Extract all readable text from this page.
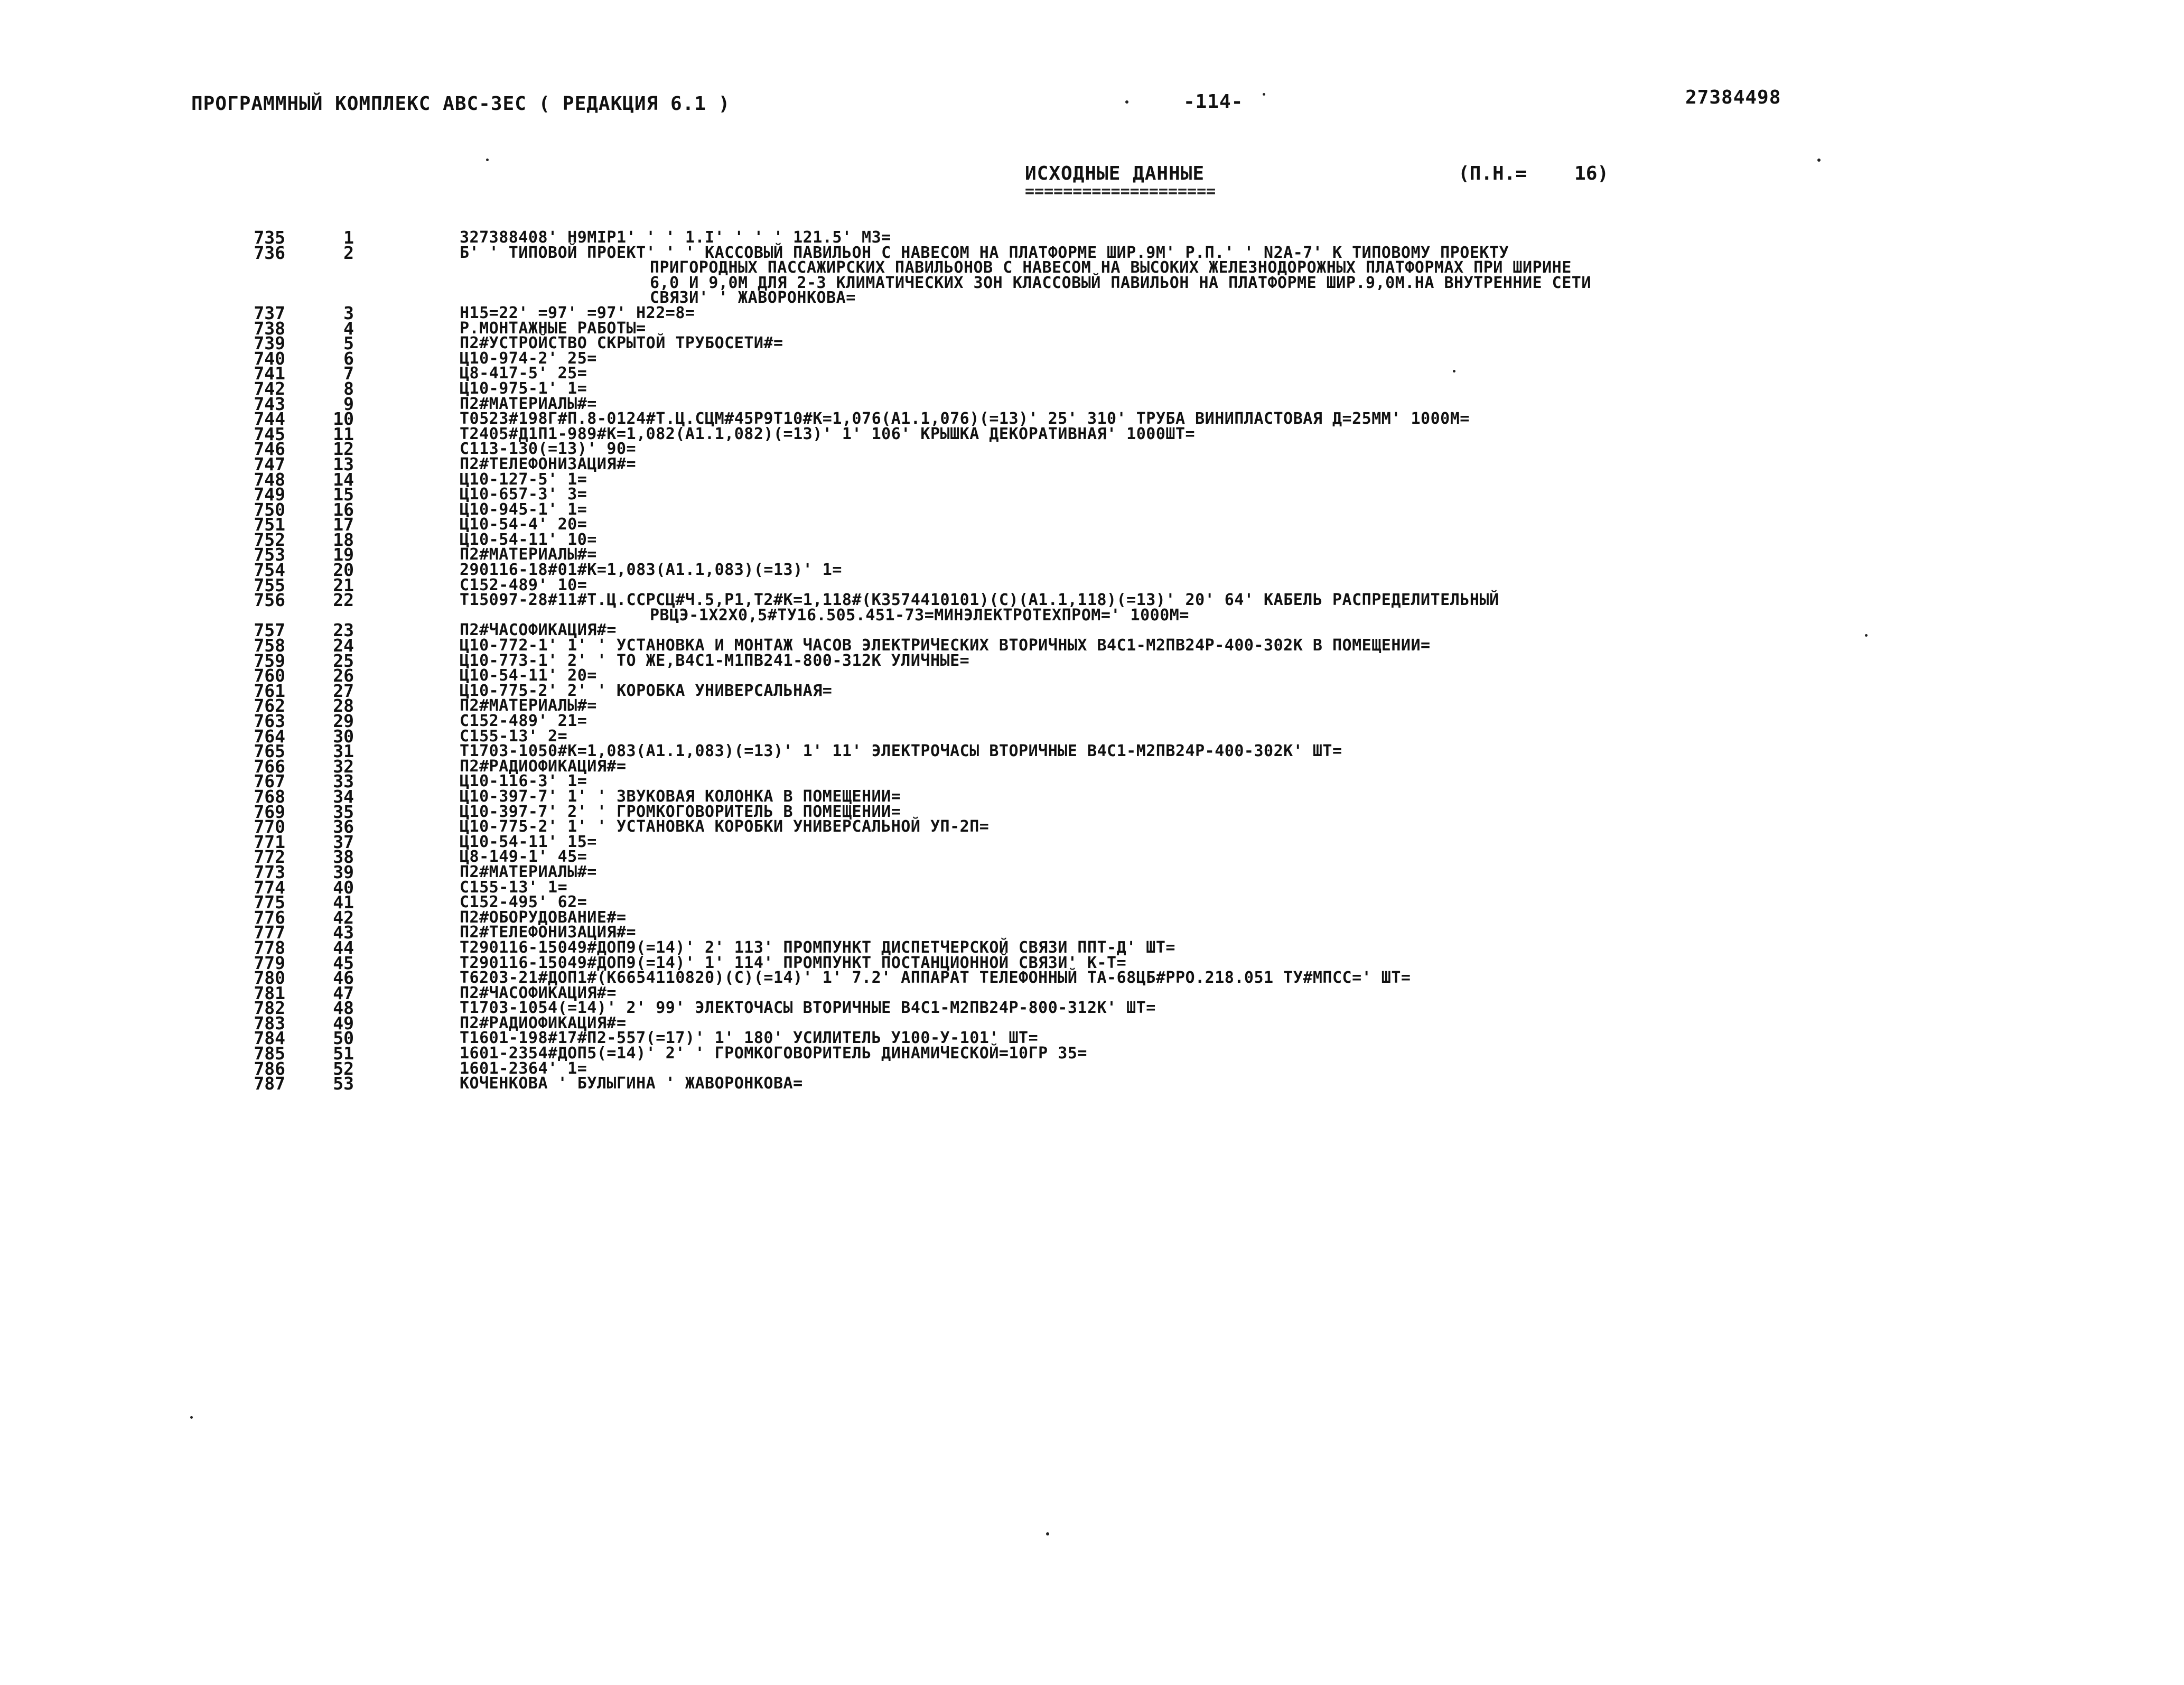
ПРОГРАММНЫЙ КОМПЛЕКС АВС-3ЕС ( РЕДАКЦИЯ 6.1 )	-114-	27384498
ИСХОДНЫЕ ДАННЫЕ
====================
(П.Н.=	16)
735	1	327388408' Н9МIР1' ' ' 1.I' ' ' ' 121.5' М3=
736	2	Б' ' ТИПОВОЙ ПРОЕКТ' ' ' КАССОВЫЙ ПАВИЛЬОН С НАВЕСОМ НА ПЛАТФОРМЕ ШИР.9М' Р.П.' ' N2А-7' К ТИПОВОМУ ПРОЕКТУ
ПРИГОРОДНЫХ ПАССАЖИРСКИХ ПАВИЛЬОНОВ С НАВЕСОМ НА ВЫСОКИХ ЖЕЛЕЗНОДОРОЖНЫХ ПЛАТФОРМАХ ПРИ ШИРИНЕ
6,0 И 9,0М ДЛЯ 2-3 КЛИМАТИЧЕСКИХ ЗОН КЛАССОВЫЙ ПАВИЛЬОН НА ПЛАТФОРМЕ ШИР.9,0М.НА ВНУТРЕННИЕ СЕТИ
СВЯЗИ' ' ЖАВОРОНКОВА=
737	3	Н15=22' =97' =97' Н22=8=
738	4	Р.МОНТАЖНЫЕ РАБОТЫ=
739	5	П2#УСТРОЙСТВО СКРЫТОЙ ТРУБОСЕТИ#=
740	6	Ц10-974-2' 25=
741	7	Ц8-417-5' 25=
742	8	Ц10-975-1' 1=
743	9	П2#МАТЕРИАЛЫ#=
744	10	Т0523#198Г#П.8-0124#Т.Ц.СЦМ#45Р9Т10#К=1,076(А1.1,076)(=13)' 25' 310' ТРУБА ВИНИПЛАСТОВАЯ Д=25ММ' 1000М=
745	11	Т2405#Д1П1-989#К=1,082(А1.1,082)(=13)' 1' 106' КРЫШКА ДЕКОРАТИВНАЯ' 1000ШТ=
746	12	С113-130(=13)' 90=
747	13	П2#ТЕЛЕФОНИЗАЦИЯ#=
748	14	Ц10-127-5' 1=
749	15	Ц10-657-3' 3=
750	16	Ц10-945-1' 1=
751	17	Ц10-54-4' 20=
752	18	Ц10-54-11' 10=
753	19	П2#МАТЕРИАЛЫ#=
754	20	290116-18#01#К=1,083(А1.1,083)(=13)' 1=
755	21	С152-489' 10=
756	22	Т15097-28#11#Т.Ц.ССРСЦ#Ч.5,Р1,Т2#К=1,118#(К3574410101)(С)(А1.1,118)(=13)' 20' 64' КАБЕЛЬ РАСПРЕДЕЛИТЕЛЬНЫЙ
РВЦЭ-1Х2Х0,5#ТУ16.505.451-73=МИНЭЛЕКТРОТЕХПРОМ=' 1000М=
757	23	П2#ЧАСОФИКАЦИЯ#=
758	24	Ц10-772-1' 1' ' УСТАНОВКА И МОНТАЖ ЧАСОВ ЭЛЕКТРИЧЕСКИХ ВТОРИЧНЫХ В4С1-М2ПВ24Р-400-302К В ПОМЕЩЕНИИ=
759	25	Ц10-773-1' 2' ' ТО ЖЕ,В4С1-М1ПВ241-800-312К УЛИЧНЫЕ=
760	26	Ц10-54-11' 20=
761	27	Ц10-775-2' 2' ' КОРОБКА УНИВЕРСАЛЬНАЯ=
762	28	П2#МАТЕРИАЛЫ#=
763	29	С152-489' 21=
764	30	С155-13' 2=
765	31	Т1703-1050#К=1,083(А1.1,083)(=13)' 1' 11' ЭЛЕКТРОЧАСЫ ВТОРИЧНЫЕ В4С1-М2ПВ24Р-400-302К' ШТ=
766	32	П2#РАДИОФИКАЦИЯ#=
767	33	Ц10-116-3' 1=
768	34	Ц10-397-7' 1' ' ЗВУКОВАЯ КОЛОНКА В ПОМЕЩЕНИИ=
769	35	Ц10-397-7' 2' ' ГРОМКОГОВОРИТЕЛЬ В ПОМЕЩЕНИИ=
770	36	Ц10-775-2' 1' ' УСТАНОВКА КОРОБКИ УНИВЕРСАЛЬНОЙ УП-2П=
771	37	Ц10-54-11' 15=
772	38	Ц8-149-1' 45=
773	39	П2#МАТЕРИАЛЫ#=
774	40	С155-13' 1=
775	41	С152-495' 62=
776	42	П2#ОБОРУДОВАНИЕ#=
777	43	П2#ТЕЛЕФОНИЗАЦИЯ#=
778	44	Т290116-15049#ДОП9(=14)' 2' 113' ПРОМПУНКТ ДИСПЕТЧЕРСКОЙ СВЯЗИ ППТ-Д' ШТ=
779	45	Т290116-15049#ДОП9(=14)' 1' 114' ПРОМПУНКТ ПОСТАНЦИОННОЙ СВЯЗИ' К-Т=
780	46	Т6203-21#ДОП1#(К6654110820)(С)(=14)' 1' 7.2' АППАРАТ ТЕЛЕФОННЫЙ ТА-68ЦБ#РРО.218.051 ТУ#МПСС=' ШТ=
781	47	П2#ЧАСОФИКАЦИЯ#=
782	48	Т1703-1054(=14)' 2' 99' ЭЛЕКТОЧАСЫ ВТОРИЧНЫЕ В4С1-М2ПВ24Р-800-312К' ШТ=
783	49	П2#РАДИОФИКАЦИЯ#=
784	50	Т1601-198#17#П2-557(=17)' 1' 180' УСИЛИТЕЛЬ У100-У-101' ШТ=
785	51	1601-2354#ДОП5(=14)' 2' ' ГРОМКОГОВОРИТЕЛЬ ДИНАМИЧЕСКОЙ=10ГР 35=
786	52	1601-2364' 1=
787	53	КОЧЕНКОВА ' БУЛЫГИНА ' ЖАВОРОНКОВА=
